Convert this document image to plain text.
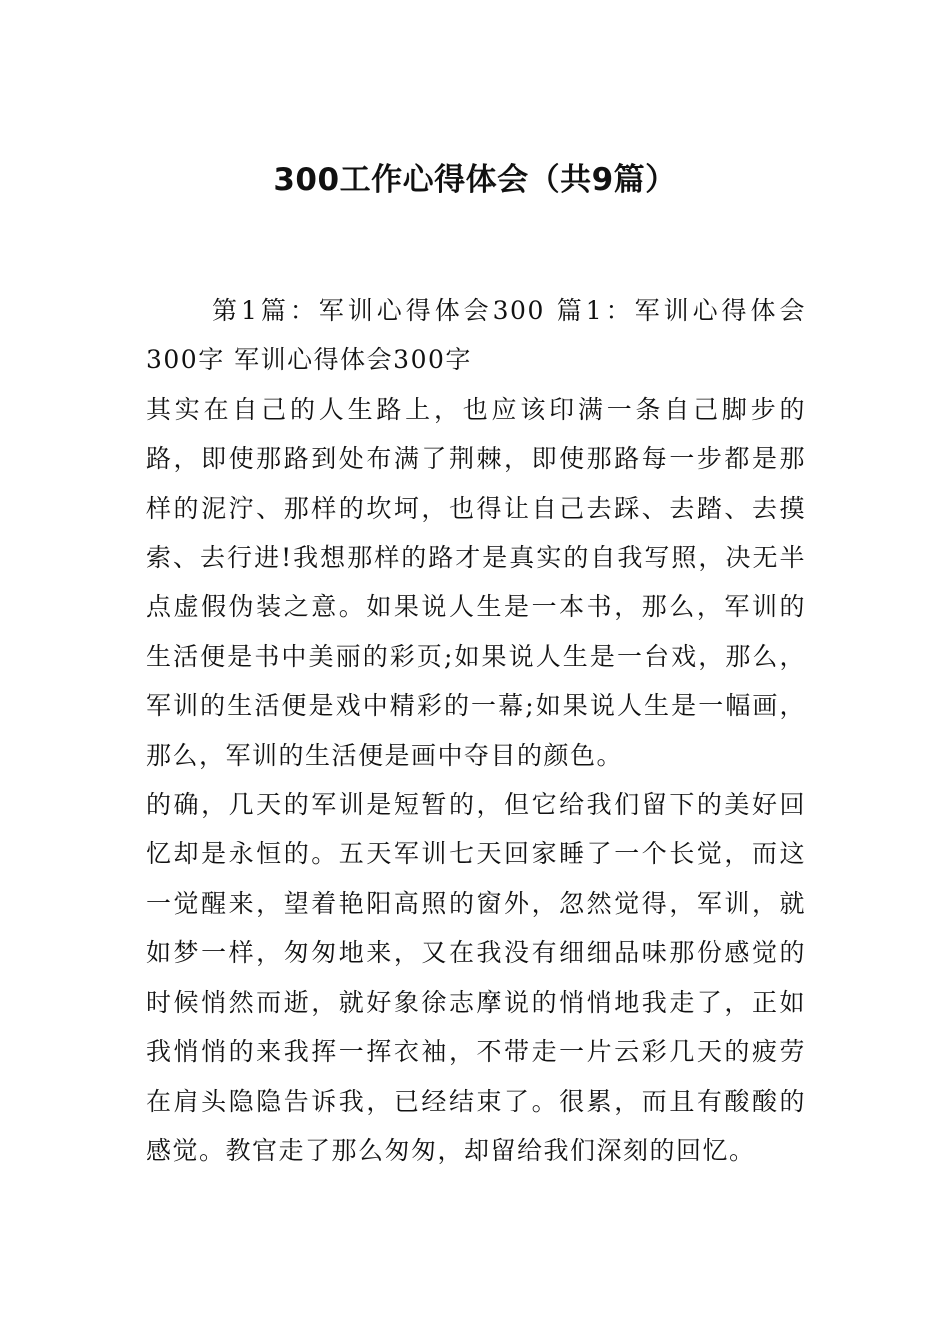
300工作心得体会（共9篇）

第1篇：军训心得体会300 篇1：军训心得体会300字 军训心得体会300字

其实在自己的人生路上，也应该印满一条自己脚步的路，即使那路到处布满了荆棘，即使那路每一步都是那样的泥泞、那样的坎坷，也得让自己去踩、去踏、去摸索、去行进!我想那样的路才是真实的自我写照，决无半点虚假伪装之意。如果说人生是一本书，那么，军训的生活便是书中美丽的彩页;如果说人生是一台戏，那么，军训的生活便是戏中精彩的一幕;如果说人生是一幅画，那么，军训的生活便是画中夺目的颜色。

的确，几天的军训是短暂的，但它给我们留下的美好回忆却是永恒的。五天军训七天回家睡了一个长觉，而这一觉醒来，望着艳阳高照的窗外，忽然觉得，军训，就如梦一样，匆匆地来，又在我没有细细品味那份感觉的时候悄然而逝，就好象徐志摩说的悄悄地我走了，正如我悄悄的来我挥一挥衣袖，不带走一片云彩几天的疲劳在肩头隐隐告诉我，已经结束了。很累，而且有酸酸的感觉。教官走了那么匆匆，却留给我们深刻的回忆。
